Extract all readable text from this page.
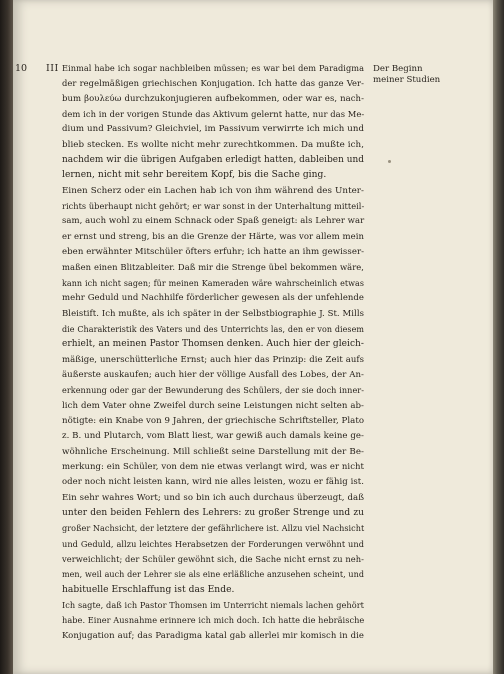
10 III Einmal habe ich sogar nachbleiben müssen; es war bei dem Paradigma
der regelmäßigen griechischen Konjugation. Ich hatte das ganze Ver-
bum βουλεύω durchzukonjugieren aufbekommen, oder war es, nach-
dem ich in der vorigen Stunde das Aktivum gelernt hatte, nur das Me-
dium und Passivum? Gleichviel, im Passivum verwirrte ich mich und
blieb stecken. Es wollte nicht mehr zurechtkommen. Da mußte ich,
nachdem wir die übrigen Aufgaben erledigt hatten, dableiben und
lernen, nicht mit sehr bereitem Kopf, bis die Sache ging.
Einen Scherz oder ein Lachen hab ich von ihm während des Unter-
richts überhaupt nicht gehört; er war sonst in der Unterhaltung mitteil-
sam, auch wohl zu einem Schnack oder Spaß geneigt: als Lehrer war
er ernst und streng, bis an die Grenze der Härte, was vor allem mein
eben erwähnter Mitschüler öfters erfuhr; ich hatte an ihm gewisser-
maßen einen Blitzableiter. Daß mir die Strenge übel bekommen wäre,
kann ich nicht sagen; für meinen Kameraden wäre wahrscheinlich etwas
mehr Geduld und Nachhilfe förderlicher gewesen als der unfehlende
Bleistift. Ich mußte, als ich später in der Selbstbiographie J. St. Mills
die Charakteristik des Vaters und des Unterrichts las, den er von diesem
erhielt, an meinen Pastor Thomsen denken. Auch hier der gleich-
mäßige, unerschütterliche Ernst; auch hier das Prinzip: die Zeit aufs
äußerste auskaufen; auch hier der völlige Ausfall des Lobes, der An-
erkennung oder gar der Bewunderung des Schülers, der sie doch inner-
lich dem Vater ohne Zweifel durch seine Leistungen nicht selten ab-
nötigte: ein Knabe von 9 Jahren, der griechische Schriftsteller, Plato
z. B. und Plutarch, vom Blatt liest, war gewiß auch damals keine ge-
wöhnliche Erscheinung. Mill schließt seine Darstellung mit der Be-
merkung: ein Schüler, von dem nie etwas verlangt wird, was er nicht
oder noch nicht leisten kann, wird nie alles leisten, wozu er fähig ist.
Ein sehr wahres Wort; und so bin ich auch durchaus überzeugt, daß
unter den beiden Fehlern des Lehrers: zu großer Strenge und zu
großer Nachsicht, der letztere der gefährlichere ist. Allzu viel Nachsicht
und Geduld, allzu leichtes Herabsetzen der Forderungen verwöhnt und
verweichlicht; der Schüler gewöhnt sich, die Sache nicht ernst zu neh-
men, weil auch der Lehrer sie als eine erläßliche anzusehen scheint, und
habituelle Erschlaffung ist das Ende.
Ich sagte, daß ich Pastor Thomsen im Unterricht niemals lachen gehört
habe. Einer Ausnahme erinnere ich mich doch. Ich hatte die hebräische
Konjugation auf; das Paradigma katal gab allerlei mir komisch in die
Der Beginn
meiner Studien
